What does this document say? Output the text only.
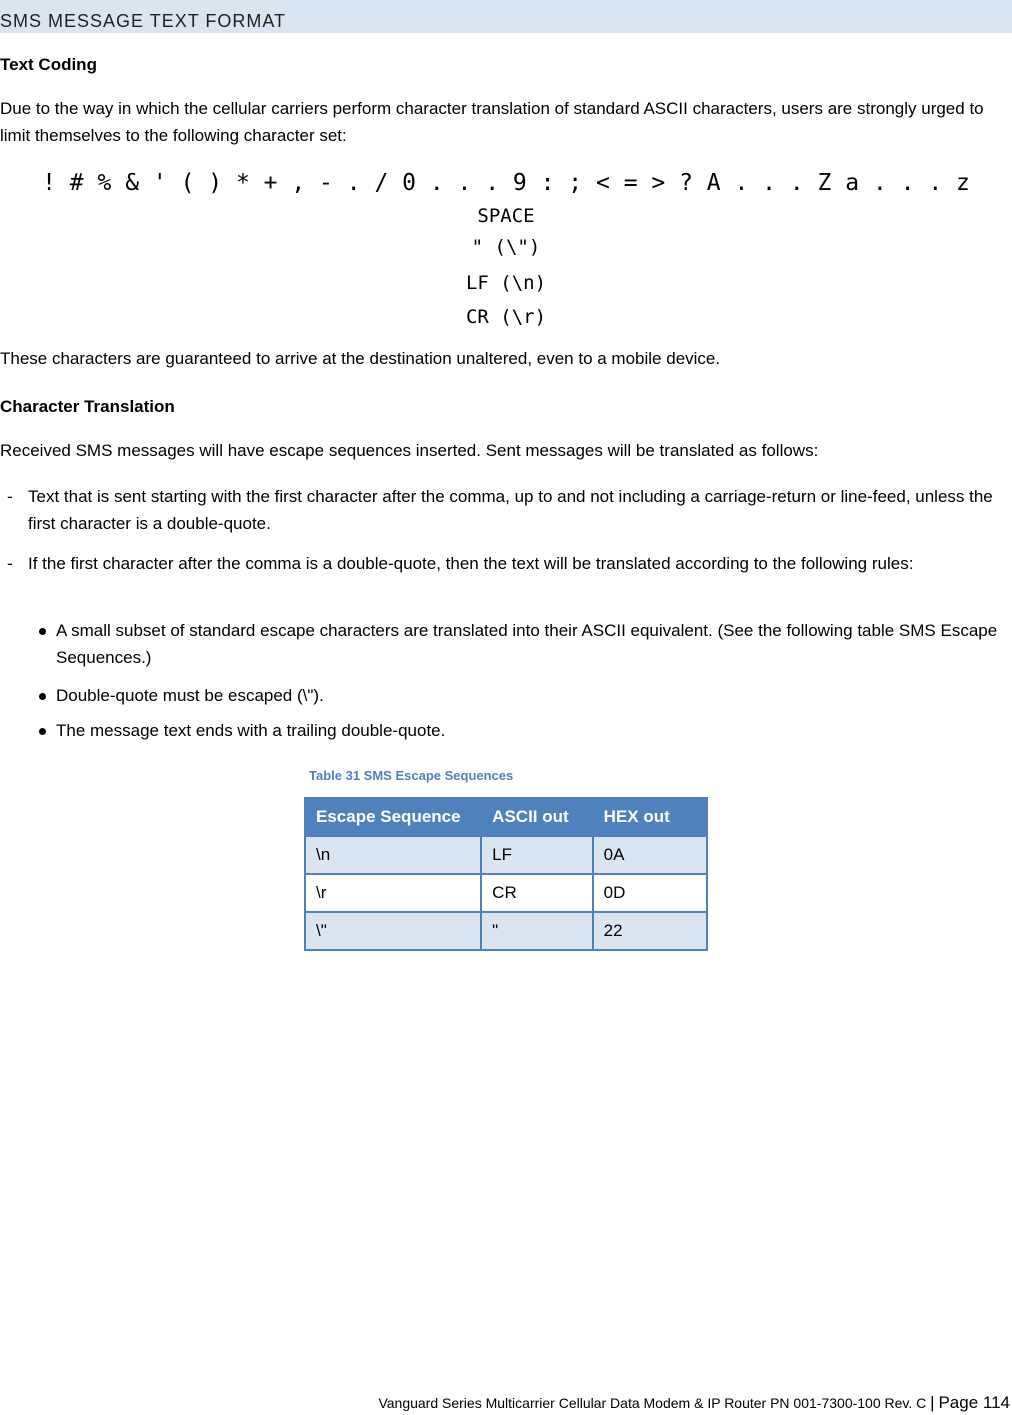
SMS MESSAGE TEXT FORMAT
Text Coding
Due to the way in which the cellular carriers perform character translation of standard ASCII characters, users are strongly urged to limit themselves to the following character set:
! # % & ' ( ) * + , - . / 0 . . . 9 : ; < = > ? A . . . Z a . . . z
SPACE
" (\")
LF (\n)
CR (\r)
These characters are guaranteed to arrive at the destination unaltered, even to a mobile device.
Character Translation
Received SMS messages will have escape sequences inserted. Sent messages will be translated as follows:
- Text that is sent starting with the first character after the comma, up to and not including a carriage-return or line-feed, unless the first character is a double-quote.
- If the first character after the comma is a double-quote, then the text will be translated according to the following rules:
A small subset of standard escape characters are translated into their ASCII equivalent. (See the following table SMS Escape Sequences.)
Double-quote must be escaped (\").
The message text ends with a trailing double-quote.
Table 31 SMS Escape Sequences
Escape Sequence	ASCII out	HEX out
\n	LF	0A
\r	CR	0D
\"	"	22
Vanguard Series Multicarrier Cellular Data Modem & IP Router PN 001-7300-100 Rev. C | Page 114
